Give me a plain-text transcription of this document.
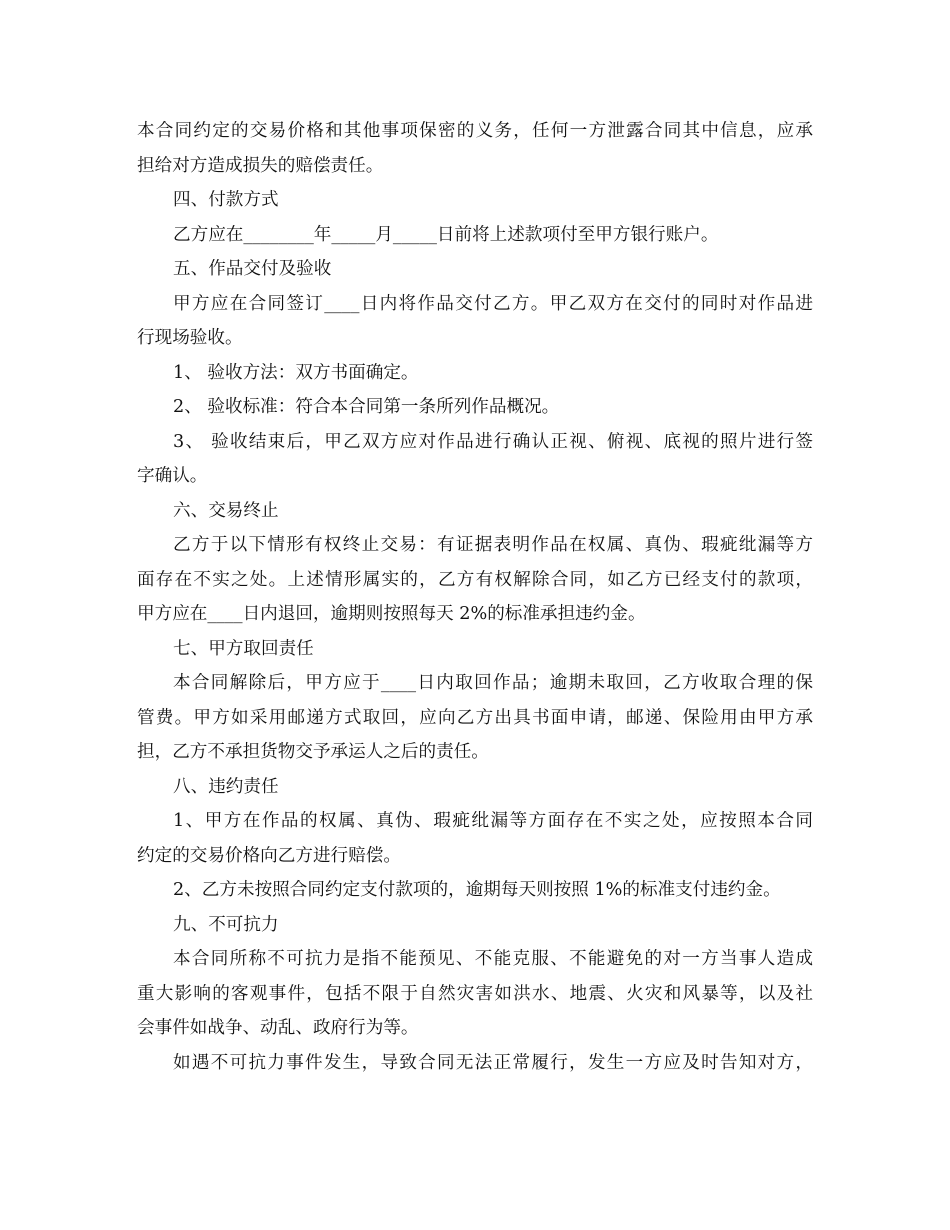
本合同约定的交易价格和其他事项保密的义务，任何一方泄露合同其中信息，应承
担给对方造成损失的赔偿责任。
四、付款方式
乙方应在________年_____月_____日前将上述款项付至甲方银行账户。
五、作品交付及验收
甲方应在合同签订____日内将作品交付乙方。甲乙双方在交付的同时对作品进
行现场验收。
1、 验收方法：双方书面确定。
2、 验收标准：符合本合同第一条所列作品概况。
3、 验收结束后，甲乙双方应对作品进行确认正视、俯视、底视的照片进行签
字确认。
六、交易终止
乙方于以下情形有权终止交易：有证据表明作品在权属、真伪、瑕疵纰漏等方
面存在不实之处。上述情形属实的，乙方有权解除合同，如乙方已经支付的款项，
甲方应在____日内退回，逾期则按照每天 2%的标准承担违约金。
七、甲方取回责任
本合同解除后，甲方应于____日内取回作品；逾期未取回，乙方收取合理的保
管费。甲方如采用邮递方式取回，应向乙方出具书面申请，邮递、保险用由甲方承
担，乙方不承担货物交予承运人之后的责任。
八、违约责任
1、甲方在作品的权属、真伪、瑕疵纰漏等方面存在不实之处，应按照本合同
约定的交易价格向乙方进行赔偿。
2、乙方未按照合同约定支付款项的，逾期每天则按照 1%的标准支付违约金。
九、不可抗力
本合同所称不可抗力是指不能预见、不能克服、不能避免的对一方当事人造成
重大影响的客观事件，包括不限于自然灾害如洪水、地震、火灾和风暴等，以及社
会事件如战争、动乱、政府行为等。
如遇不可抗力事件发生，导致合同无法正常履行，发生一方应及时告知对方，
